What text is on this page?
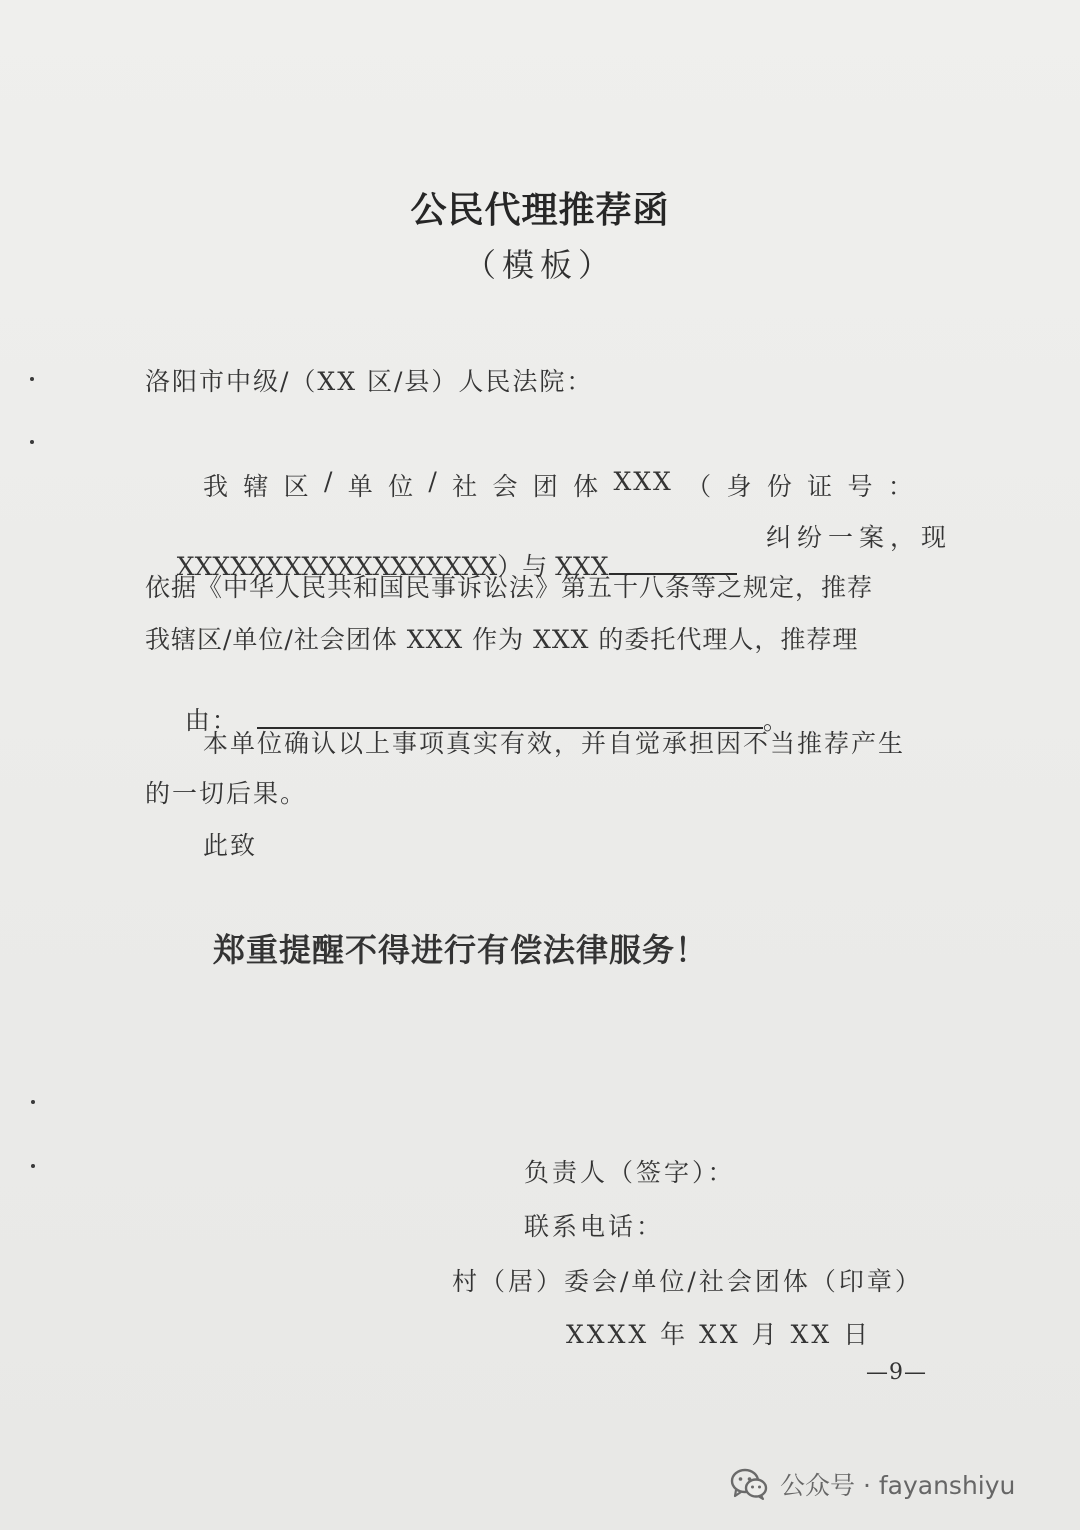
公民代理推荐函
（模板）
洛阳市中级/（XX 区/县）人民法院：
我 辖 区 / 单 位 / 社 会 团 体 XXX （ 身 份 证 号 ：

XXXXXXXXXXXXXXXXXX）与 XXX

纠纷一案，现
依据《中华人民共和国民事诉讼法》第五十八条等之规定，推荐
我辖区/单位/社会团体 XXX 作为 XXX 的委托代理人，推荐理

由：	。

本单位确认以上事项真实有效，并自觉承担因不当推荐产生
的一切后果。
此致
郑重提醒不得进行有偿法律服务！
负责人（签字）：
联系电话：
村（居）委会/单位/社会团体（印章）
XXXX 年 XX 月 XX 日
—9—
公众号 · fayanshiyu
